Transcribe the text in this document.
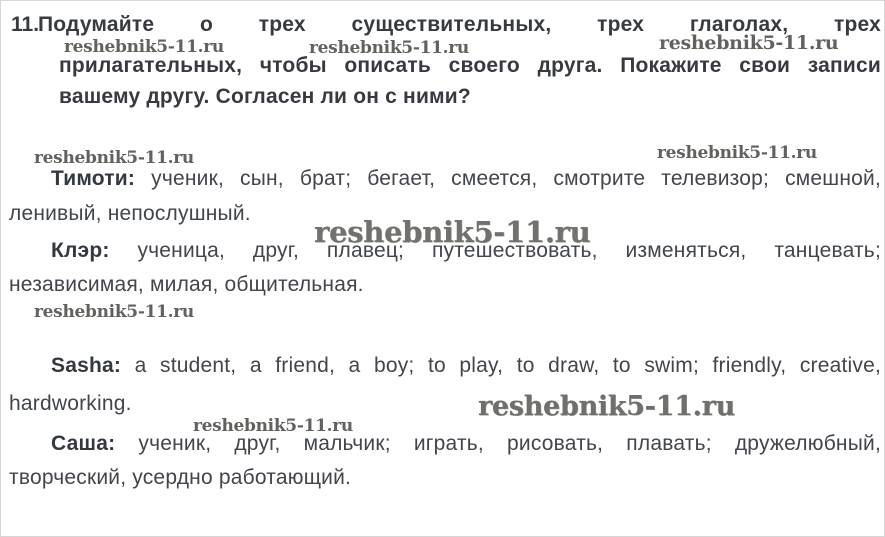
reshebnik5-11.ru	reshebnik5-11.ru	reshebnik5-11.ru
reshebnik5-11.ru	reshebnik5-11.ru
reshebnik5-11.ru
reshebnik5-11.ru
reshebnik5-11.ru
reshebnik5-11.ru
11.
Подумайте о трех существительных, трех глаголах, трех
прилагательных, чтобы описать своего друга. Покажите свои записи
вашему другу. Согласен ли он с ними?
Тимоти: ученик, сын, брат; бегает, смеется, смотрите телевизор; смешной,
ленивый, непослушный.
Клэр: ученица, друг, плавец; путешествовать, изменяться, танцевать;
независимая, милая, общительная.
Sasha: a student, a friend, a boy; to play, to draw, to swim; friendly, creative,
hardworking.
Саша: ученик, друг, мальчик; играть, рисовать, плавать; дружелюбный,
творческий, усердно работающий.
